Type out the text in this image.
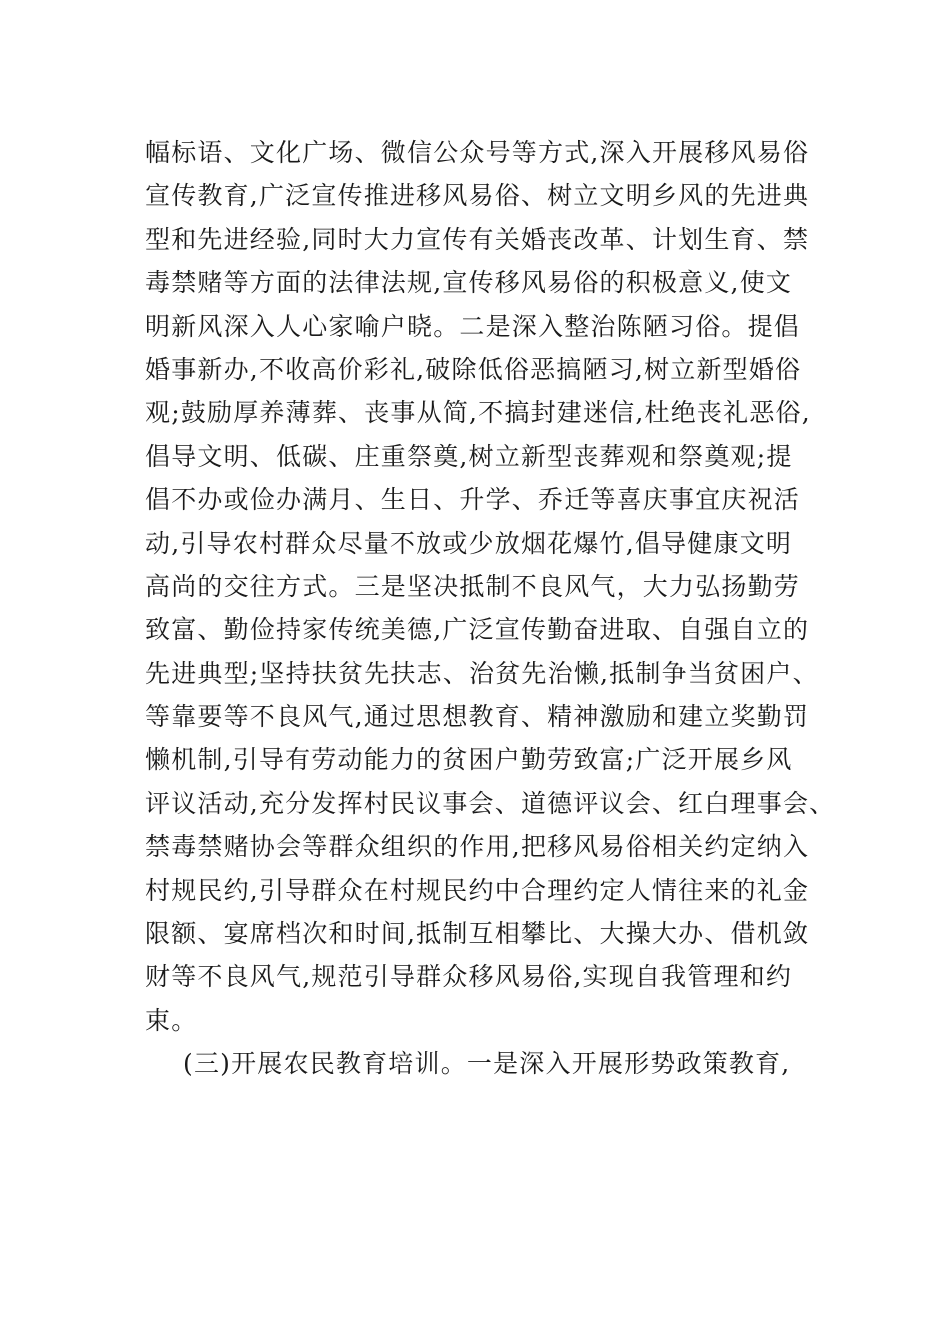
幅标语、文化广场、微信公众号等方式,深入开展移风易俗
宣传教育,广泛宣传推进移风易俗、树立文明乡风的先进典
型和先进经验,同时大力宣传有关婚丧改革、计划生育、禁
毒禁赌等方面的法律法规,宣传移风易俗的积极意义,使文
明新风深入人心家喻户晓。二是深入整治陈陋习俗。提倡
婚事新办,不收高价彩礼,破除低俗恶搞陋习,树立新型婚俗
观;鼓励厚养薄葬、丧事从简,不搞封建迷信,杜绝丧礼恶俗,
倡导文明、低碳、庄重祭奠,树立新型丧葬观和祭奠观;提
倡不办或俭办满月、生日、升学、乔迁等喜庆事宜庆祝活
动,引导农村群众尽量不放或少放烟花爆竹,倡导健康文明
高尚的交往方式。三是坚决抵制不良风气，大力弘扬勤劳
致富、勤俭持家传统美德,广泛宣传勤奋进取、自强自立的
先进典型;坚持扶贫先扶志、治贫先治懒,抵制争当贫困户、
等靠要等不良风气,通过思想教育、精神激励和建立奖勤罚
懒机制,引导有劳动能力的贫困户勤劳致富;广泛开展乡风
评议活动,充分发挥村民议事会、道德评议会、红白理事会、
禁毒禁赌协会等群众组织的作用,把移风易俗相关约定纳入
村规民约,引导群众在村规民约中合理约定人情往来的礼金
限额、宴席档次和时间,抵制互相攀比、大操大办、借机敛
财等不良风气,规范引导群众移风易俗,实现自我管理和约
束。
(三)开展农民教育培训。一是深入开展形势政策教育,
